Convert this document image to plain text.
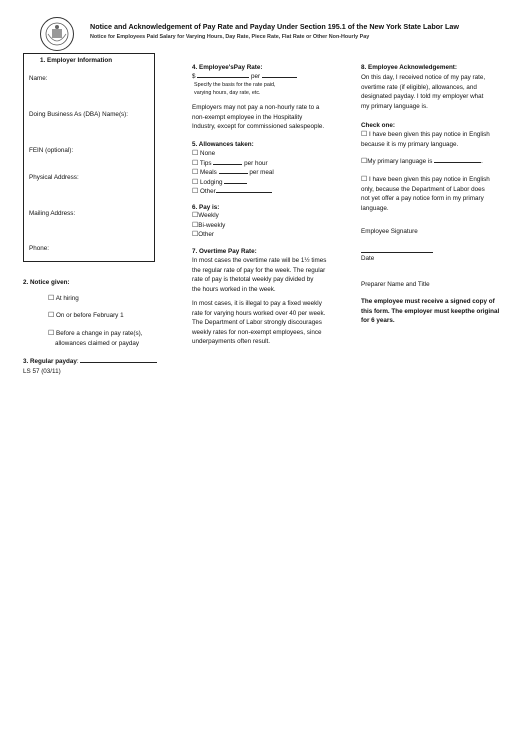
Notice and Acknowledgement of Pay Rate and Payday Under Section 195.1 of the New York State Labor Law
Notice for Employees Paid Salary for Varying Hours, Day Rate, Piece Rate, Flat Rate or Other Non-Hourly Pay
1. Employer Information
Name:
Doing Business As (DBA) Name(s):
FEIN (optional):
Physical Address:
Mailing Address:
Phone:
2. Notice given:
☐ At hiring
☐ On or before February 1
☐ Before a change in pay rate(s),
allowances claimed or payday
3. Regular payday:
LS 57 (03/11)
4. Employee'sPay Rate:
$	per
Specify the basis for the rate paid,
varying hours, day rate, etc.
Employers may not pay a non-hourly rate to a
non-exempt employee in the Hospitality
Industry, except for commissioned salespeople.
5. Allowances taken:
☐ None
☐ Tips	per hour
☐ Meals	per meal
☐ Lodging
☐ Other
6. Pay is:
☐Weekly
☐Bi-weekly
☐Other
7. Overtime Pay Rate:
In most cases the overtime rate will be 1½ times
the regular rate of pay for the week. The regular
rate of pay is thetotal weekly pay divided by
the hours worked in the week.
In most cases, it is illegal to pay a fixed weekly
rate for varying hours worked over 40 per week.
The Department of Labor strongly discourages
weekly rates for non-exempt employees, since
underpayments often result.
8. Employee Acknowledgement:
On this day, I received notice of my pay rate,
overtime rate (if eligible), allowances, and
designated payday. I told my employer what
my primary language is.
Check one:
☐ I have been given this pay notice in English
because it is my primary language.
☐My primary language is	.
☐ I have been given this pay notice in English
only, because the Department of Labor does
not yet offer a pay notice form in my primary
language.
Employee Signature
Date
Preparer Name and Title
The employee must receive a signed copy of
this form. The employer must keepthe original
for 6 years.
